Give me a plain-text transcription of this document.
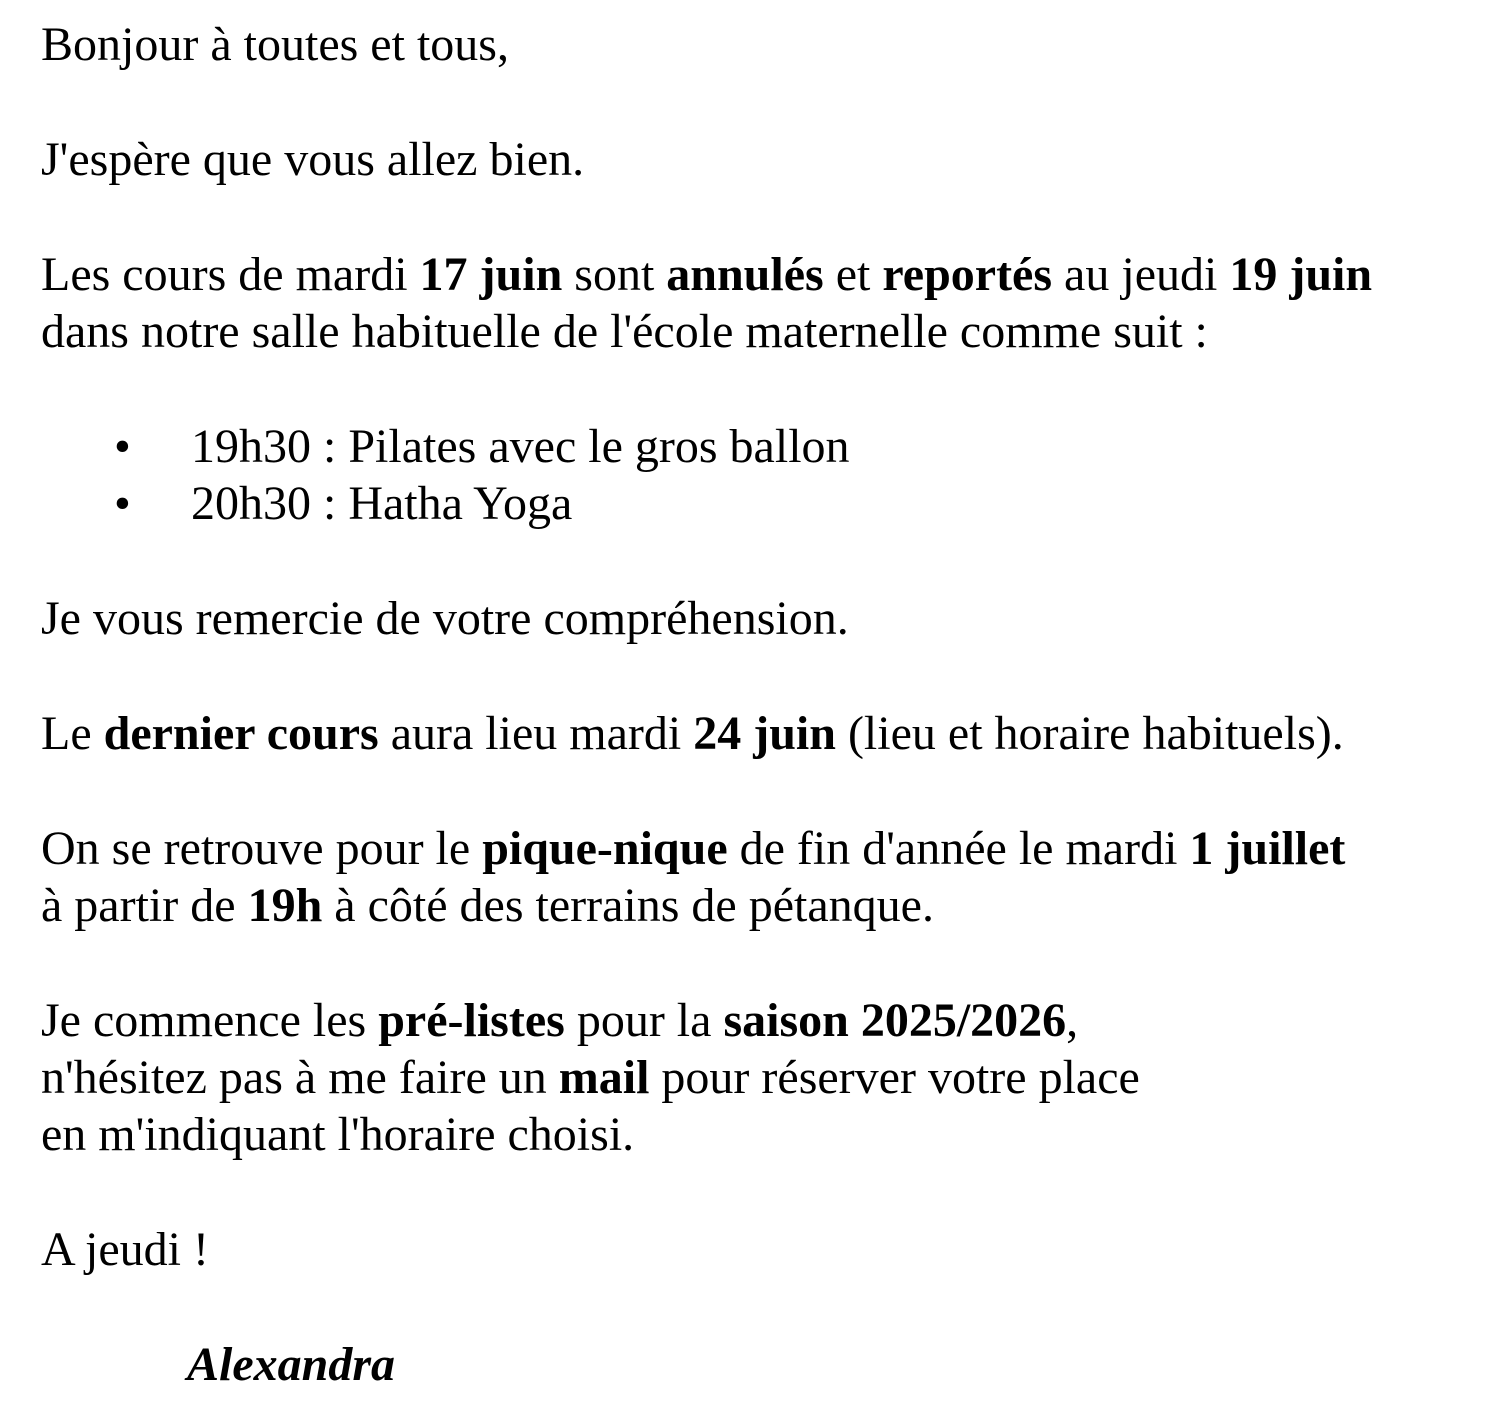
Bonjour à toutes et tous,
J'espère que vous allez bien.
Les cours de mardi 17 juin sont annulés et reportés au jeudi 19 juin
dans notre salle habituelle de l'école maternelle comme suit :
• 19h30 : Pilates avec le gros ballon
• 20h30 : Hatha Yoga
Je vous remercie de votre compréhension.
Le dernier cours aura lieu mardi 24 juin (lieu et horaire habituels).
On se retrouve pour le pique-nique de fin d'année le mardi 1 juillet
à partir de 19h à côté des terrains de pétanque.
Je commence les pré-listes pour la saison 2025/2026,
n'hésitez pas à me faire un mail pour réserver votre place
en m'indiquant l'horaire choisi.
A jeudi !
Alexandra
